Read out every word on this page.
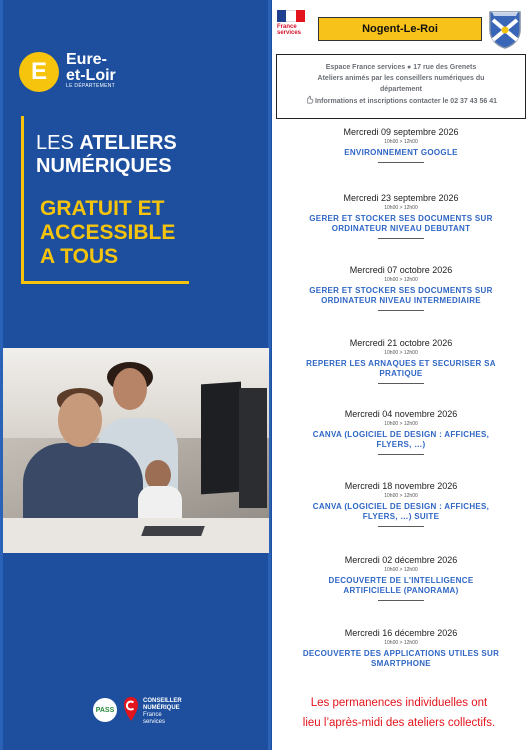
E Eure-
et-Loir
LE DÉPARTEMENT
LES ATELIERS
NUMÉRIQUES
GRATUIT ET
ACCESSIBLE
A TOUS
PASS
CONSEILLER
NUMÉRIQUE
France
services
France
services	Nogent-Le-Roi
Espace France services ● 17 rue des Grenets
Ateliers animés par les conseillers numériques du
département
Informations et inscriptions contacter le 02 37 43 56 41
Mercredi 09 septembre 2026
10h00 > 12h00
ENVIRONNEMENT GOOGLE
Mercredi 23 septembre 2026
10h00 > 12h00
GERER ET STOCKER SES DOCUMENTS SUR
ORDINATEUR NIVEAU DEBUTANT
Mercredi 07 octobre 2026
10h00 > 12h00
GERER ET STOCKER SES DOCUMENTS SUR
ORDINATEUR NIVEAU INTERMEDIAIRE
Mercredi 21 octobre 2026
10h00 > 12h00
REPERER LES ARNAQUES ET SECURISER SA
PRATIQUE
Mercredi 04 novembre 2026
10h00 > 12h00
CANVA (LOGICIEL DE DESIGN : AFFICHES,
FLYERS, …)
Mercredi 18 novembre 2026
10h00 > 12h00
CANVA (LOGICIEL DE DESIGN : AFFICHES,
FLYERS, …) SUITE
Mercredi 02 décembre 2026
10h00 > 12h00
DECOUVERTE DE L'INTELLIGENCE
ARTIFICIELLE (PANORAMA)
Mercredi 16 décembre 2026
10h00 > 12h00
DECOUVERTE DES APPLICATIONS UTILES SUR
SMARTPHONE
Les permanences individuelles ont
lieu l’après-midi des ateliers collectifs.
